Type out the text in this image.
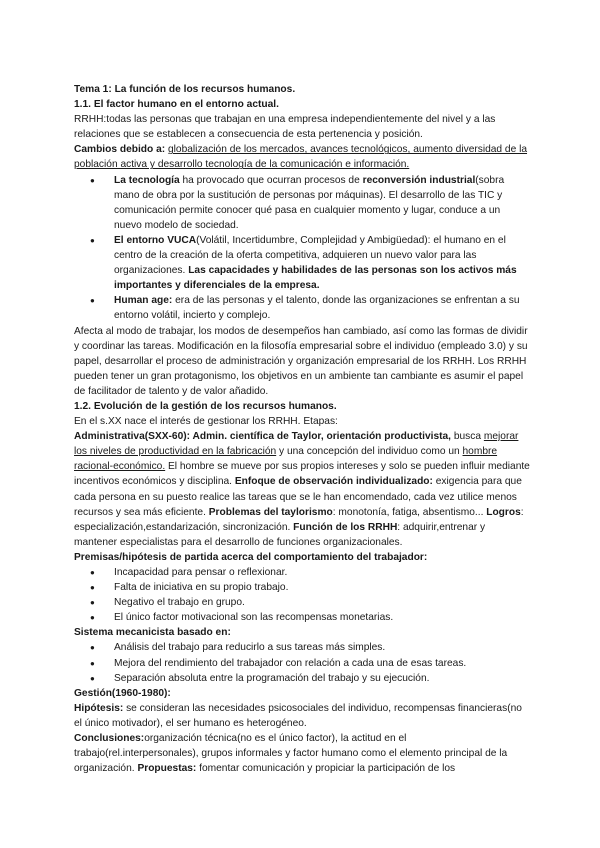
Tema 1: La función de los recursos humanos.

1.1. El factor humano en el entorno actual.

RRHH:todas las personas que trabajan en una empresa independientemente del nivel y a las relaciones que se establecen a consecuencia de esta pertenencia y posición.

Cambios debido a: globalización de los mercados, avances tecnológicos, aumento diversidad de la población activa y desarrollo tecnología de la comunicación e información.

● La tecnología ha provocado que ocurran procesos de reconversión industrial(sobra mano de obra por la sustitución de personas por máquinas). El desarrollo de las TIC y comunicación permite conocer qué pasa en cualquier momento y lugar, conduce a un nuevo modelo de sociedad.
● El entorno VUCA(Volátil, Incertidumbre, Complejidad y Ambigüedad): el humano en el centro de la creación de la oferta competitiva, adquieren un nuevo valor para las organizaciones. Las capacidades y habilidades de las personas son los activos más importantes y diferenciales de la empresa.
● Human age: era de las personas y el talento, donde las organizaciones se enfrentan a su entorno volátil, incierto y complejo.

Afecta al modo de trabajar, los modos de desempeños han cambiado, así como las formas de dividir y coordinar las tareas. Modificación en la filosofía empresarial sobre el individuo (empleado 3.0) y su papel, desarrollar el proceso de administración y organización empresarial de los RRHH. Los RRHH pueden tener un gran protagonismo, los objetivos en un ambiente tan cambiante es asumir el papel de facilitador de talento y de valor añadido.

1.2. Evolución de la gestión de los recursos humanos.

En el s.XX nace el interés de gestionar los RRHH. Etapas:

Administrativa(SXX-60): Admin. científica de Taylor, orientación productivista, busca mejorar los niveles de productividad en la fabricación y una concepción del individuo como un hombre racional-económico. El hombre se mueve por sus propios intereses y solo se pueden influir mediante incentivos económicos y disciplina. Enfoque de observación individualizado: exigencia para que cada persona en su puesto realice las tareas que se le han encomendado, cada vez utilice menos recursos y sea más eficiente. Problemas del taylorismo: monotonía, fatiga, absentismo... Logros: especialización,estandarización, sincronización. Función de los RRHH: adquirir,entrenar y mantener especialistas para el desarrollo de funciones organizacionales.

Premisas/hipótesis de partida acerca del comportamiento del trabajador:

● Incapacidad para pensar o reflexionar.
● Falta de iniciativa en su propio trabajo.
● Negativo el trabajo en grupo.
● El único factor motivacional son las recompensas monetarias.

Sistema mecanicista basado en:

● Análisis del trabajo para reducirlo a sus tareas más simples.
● Mejora del rendimiento del trabajador con relación a cada una de esas tareas.
● Separación absoluta entre la programación del trabajo y su ejecución.

Gestión(1960-1980):

Hipótesis: se consideran las necesidades psicosociales del individuo, recompensas financieras(no el único motivador), el ser humano es heterogéneo.

Conclusiones:organización técnica(no es el único factor), la actitud en el trabajo(rel.interpersonales), grupos informales y factor humano como el elemento principal de la organización. Propuestas: fomentar comunicación y propiciar la participación de los
